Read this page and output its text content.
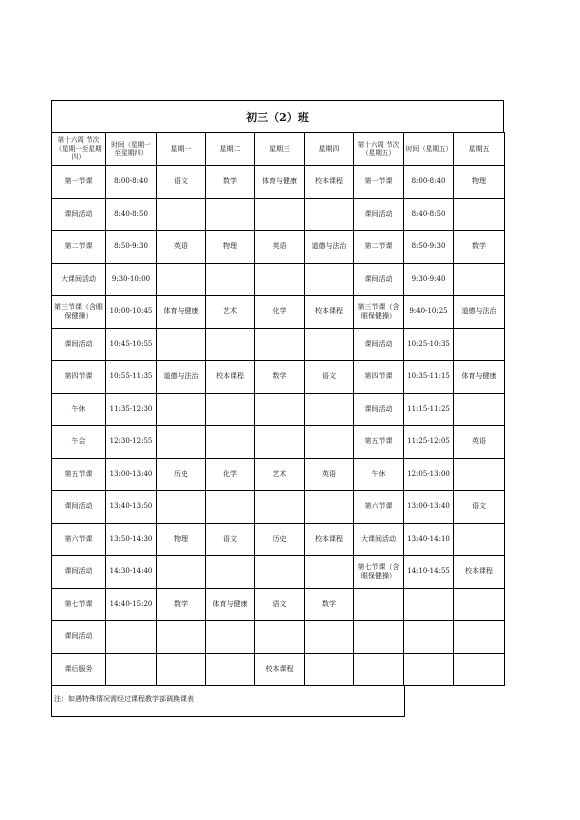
初三（2）班
第十六周 节次（星期一至星期四）	时间（星期一至星期四）	星期一	星期二	星期三	星期四	第十六周 节次 （星期五）	时间（星期五）	星期五
第一节课	8:00-8:40	语文	数学	体育与健康	校本课程	第一节课	8:00-8:40	物理
课间活动	8:40-8:50					课间活动	8:40-8:50	
第二节课	8:50-9:30	英语	物理	英语	道德与法治	第二节课	8:50-9:30	数学
大课间活动	9:30-10:00					课间活动	9:30-9:40	
第三节课（含眼保健操）	10:00-10:45	体育与健康	艺术	化学	校本课程	第三节课（含眼保健操）	9:40-10:25	道德与法治
课间活动	10:45-10:55					课间活动	10:25-10:35	
第四节课	10:55-11:35	道德与法治	校本课程	数学	语文	第四节课	10:35-11:15	体育与健康
午休	11:35-12:30					课间活动	11:15-11:25	
午会	12:30-12:55					第五节课	11:25-12:05	英语
第五节课	13:00-13:40	历史	化学	艺术	英语	午休	12:05-13:00	
课间活动	13:40-13:50					第六节课	13:00-13:40	语文
第六节课	13:50-14:30	物理	语文	历史	校本课程	大课间活动	13:40-14:10	
课间活动	14:30-14:40					第七节课（含眼保健操）	14:10-14:55	校本课程
第七节课	14:40-15:20	数学	体育与健康	语文	数学			
课间活动								
课后服务				校本课程				
注：如遇特殊情况需经过课程教学部调换课表
